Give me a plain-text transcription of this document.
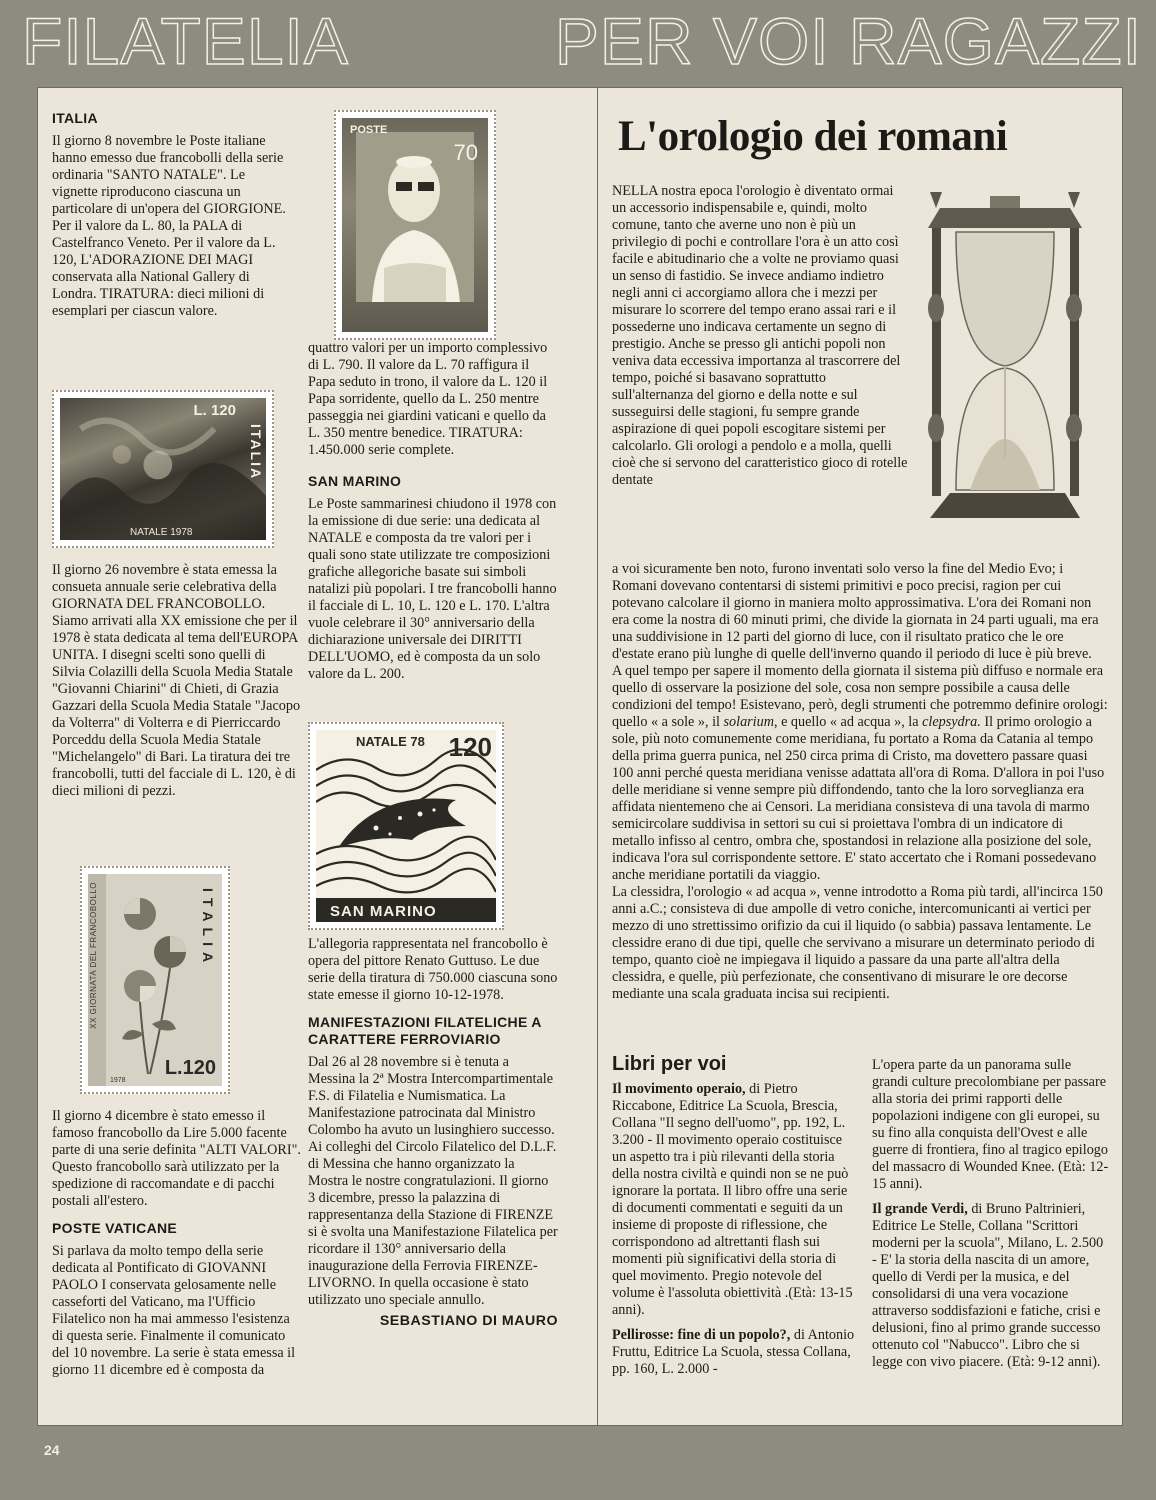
FILATELIA	PER VOI RAGAZZI

ITALIA

Il giorno 8 novembre le Poste italiane hanno emesso due francobolli della serie ordinaria "SANTO NATALE". Le vignette riproducono ciascuna un particolare di un'opera del GIORGIONE. Per il valore da L. 80, la PALA di Castelfranco Veneto. Per il valore da L. 120, L'ADORAZIONE DEI MAGI conservata alla National Gallery di Londra. TIRATURA: dieci milioni di esemplari per ciascun valore.

L. 120
ITALIA
NATALE 1978

Il giorno 26 novembre è stata emessa la consueta annuale serie celebrativa della GIORNATA DEL FRANCOBOLLO. Siamo arrivati alla XX emissione che per il 1978 è stata dedicata al tema dell'EUROPA UNITA. I disegni scelti sono quelli di Silvia Colazilli della Scuola Media Statale "Giovanni Chiarini" di Chieti, di Grazia Gazzari della Scuola Media Statale "Jacopo da Volterra" di Volterra e di Pierriccardo Porceddu della Scuola Media Statale "Michelangelo" di Bari. La tiratura dei tre francobolli, tutti del facciale di L. 120, è di dieci milioni di pezzi.

ITALIA
XX GIORNATA DEL FRANCOBOLLO
L.120
1978

Il giorno 4 dicembre è stato emesso il famoso francobollo da Lire 5.000 facente parte di una serie definita "ALTI VALORI". Questo francobollo sarà utilizzato per la spedizione di raccomandate e di pacchi postali all'estero.

POSTE VATICANE

Si parlava da molto tempo della serie dedicata al Pontificato di GIOVANNI PAOLO I conservata gelosamente nelle casseforti del Vaticano, ma l'Ufficio Filatelico non ha mai ammesso l'esistenza di questa serie. Finalmente il comunicato del 10 novembre. La serie è stata emessa il giorno 11 dicembre ed è composta da

POSTE
70

quattro valori per un importo complessivo di L. 790. Il valore da L. 70 raffigura il Papa seduto in trono, il valore da L. 120 il Papa sorridente, quello da L. 250 mentre passeggia nei giardini vaticani e quello da L. 350 mentre benedice. TIRATURA: 1.450.000 serie complete.

SAN MARINO

Le Poste sammarinesi chiudono il 1978 con la emissione di due serie: una dedicata al NATALE e composta da tre valori per i quali sono state utilizzate tre composizioni grafiche allegoriche basate sui simboli natalizi più popolari. I tre francobolli hanno il facciale di L. 10, L. 120 e L. 170. L'altra vuole celebrare il 30° anniversario della dichiarazione universale dei DIRITTI DELL'UOMO, ed è composta da un solo valore da L. 200.

NATALE 78 120
SAN MARINO

L'allegoria rappresentata nel francobollo è opera del pittore Renato Guttuso. Le due serie della tiratura di 750.000 ciascuna sono state emesse il giorno 10-12-1978.

MANIFESTAZIONI FILATELICHE A CARATTERE FERROVIARIO

Dal 26 al 28 novembre si è tenuta a Messina la 2ª Mostra Intercompartimentale F.S. di Filatelia e Numismatica. La Manifestazione patrocinata dal Ministro Colombo ha avuto un lusinghiero successo. Ai colleghi del Circolo Filatelico del D.L.F. di Messina che hanno organizzato la Mostra le nostre congratulazioni. Il giorno 3 dicembre, presso la palazzina di rappresentanza della Stazione di FIRENZE si è svolta una Manifestazione Filatelica per ricordare il 130° anniversario della inaugurazione della Ferrovia FIRENZE-LIVORNO. In quella occasione è stato utilizzato uno speciale annullo.

SEBASTIANO DI MAURO

L'orologio dei romani

NELLA nostra epoca l'orologio è diventato ormai un accessorio indispensabile e, quindi, molto comune, tanto che averne uno non è più un privilegio di pochi e controllare l'ora è un atto così facile e abitudinario che a volte ne proviamo quasi un senso di fastidio. Se invece andiamo indietro negli anni ci accorgiamo allora che i mezzi per misurare lo scorrere del tempo erano assai rari e il possederne uno indicava certamente un segno di prestigio. Anche se presso gli antichi popoli non veniva data eccessiva importanza al trascorrere del tempo, poiché si basavano soprattutto sull'alternanza del giorno e della notte e sul susseguirsi delle stagioni, fu sempre grande aspirazione di quei popoli escogitare sistemi per calcolarlo. Gli orologi a pendolo e a molla, quelli cioè che si servono del caratteristico gioco di rotelle dentate

a voi sicuramente ben noto, furono inventati solo verso la fine del Medio Evo; i Romani dovevano contentarsi di sistemi primitivi e poco precisi, ragion per cui potevano calcolare il giorno in maniera molto approssimativa. L'ora dei Romani non era come la nostra di 60 minuti primi, che divide la giornata in 24 parti uguali, ma era una suddivisione in 12 parti del giorno di luce, con il risultato pratico che le ore d'estate erano più lunghe di quelle dell'inverno quando il periodo di luce è più breve.

A quel tempo per sapere il momento della giornata il sistema più diffuso e normale era quello di osservare la posizione del sole, cosa non sempre possibile a causa delle condizioni del tempo! Esistevano, però, degli strumenti che potremmo definire orologi: quello « a sole », il solarium, e quello « ad acqua », la clepsydra. Il primo orologio a sole, più noto comunemente come meridiana, fu portato a Roma da Catania al tempo della prima guerra punica, nel 250 circa prima di Cristo, ma dovettero passare quasi 100 anni perché questa meridiana venisse adattata all'ora di Roma. D'allora in poi l'uso delle meridiane si venne sempre più diffondendo, tanto che la loro sorveglianza era affidata nientemeno che ai Censori. La meridiana consisteva di una tavola di marmo semicircolare suddivisa in settori su cui si proiettava l'ombra di un indicatore di metallo infisso al centro, ombra che, spostandosi in relazione alla posizione del sole, indicava l'ora sul corrispondente settore. E' stato accertato che i Romani possedevano anche meridiane portatili da viaggio.

La clessidra, l'orologio « ad acqua », venne introdotto a Roma più tardi, all'incirca 150 anni a.C.; consisteva di due ampolle di vetro coniche, intercomunicanti ai vertici per mezzo di uno strettissimo orifizio da cui il liquido (o sabbia) passava lentamente. Le clessidre erano di due tipi, quelle che servivano a misurare un determinato periodo di tempo, quanto cioè ne impiegava il liquido a passare da una parte all'altra della clessidra, e quelle, più perfezionate, che consentivano di misurare le ore decorse mediante una scala graduata incisa sui recipienti.

Libri per voi

Il movimento operaio, di Pietro Riccabone, Editrice La Scuola, Brescia, Collana "Il segno dell'uomo", pp. 192, L. 3.200 - Il movimento operaio costituisce un aspetto tra i più rilevanti della storia della nostra civiltà e quindi non se ne può ignorare la portata. Il libro offre una serie di documenti commentati e seguiti da un insieme di proposte di riflessione, che corrispondono ad altrettanti flash sui momenti più significativi della storia di quel movimento. Pregio notevole del volume è l'assoluta obiettività .(Età: 13-15 anni).

Pellirosse: fine di un popolo?, di Antonio Fruttu, Editrice La Scuola, stessa Collana, pp. 160, L. 2.000 -

L'opera parte da un panorama sulle grandi culture precolombiane per passare alla storia dei primi rapporti delle popolazioni indigene con gli europei, su su fino alla conquista dell'Ovest e alle guerre di frontiera, fino al tragico epilogo del massacro di Wounded Knee. (Età: 12-15 anni).

Il grande Verdi, di Bruno Paltrinieri, Editrice Le Stelle, Collana "Scrittori moderni per la scuola", Milano, L. 2.500 - E' la storia della nascita di un amore, quello di Verdi per la musica, e del consolidarsi di una vera vocazione attraverso soddisfazioni e fatiche, crisi e delusioni, fino al primo grande successo ottenuto col "Nabucco". Libro che si legge con vivo piacere. (Età: 9-12 anni).

24
